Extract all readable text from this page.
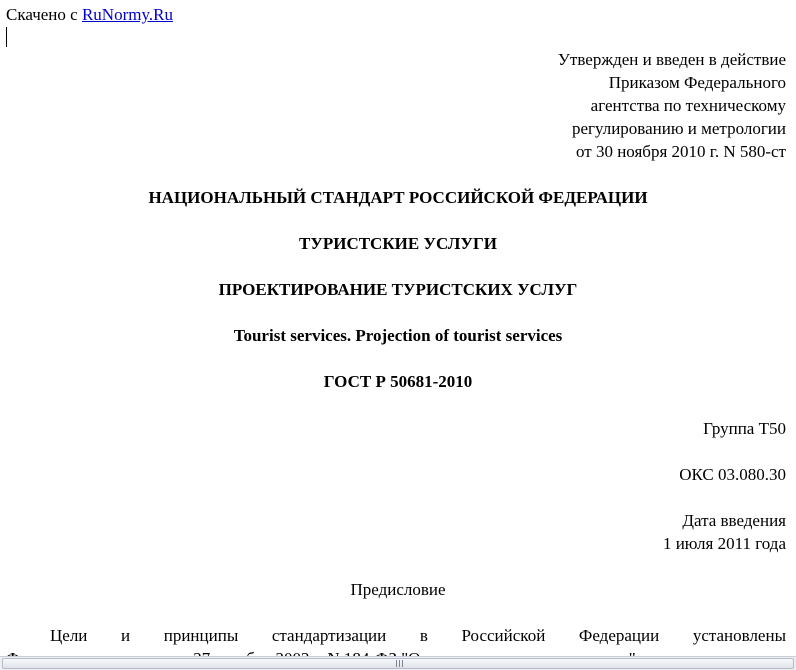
Скачено с RuNormy.Ru
Утвержден и введен в действие
Приказом Федерального
агентства по техническому
регулированию и метрологии
от 30 ноября 2010 г. N 580-ст
НАЦИОНАЛЬНЫЙ СТАНДАРТ РОССИЙСКОЙ ФЕДЕРАЦИИ
ТУРИСТСКИЕ УСЛУГИ
ПРОЕКТИРОВАНИЕ ТУРИСТСКИХ УСЛУГ
Tourist services. Projection of tourist services
ГОСТ Р 50681-2010
Группа Т50
ОКС 03.080.30
Дата введения
1 июля 2011 года
Предисловие
Цели и принципы стандартизации в Российской Федерации установлены
